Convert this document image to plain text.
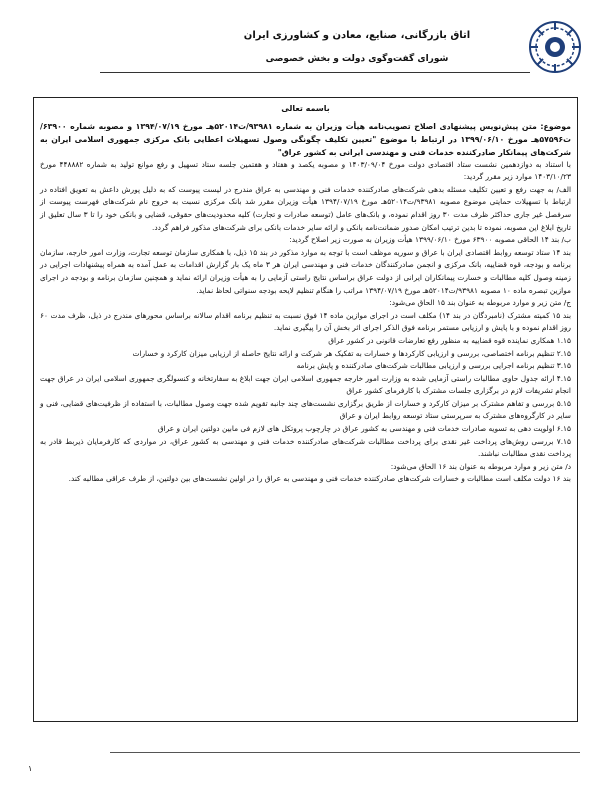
اتاق بازرگانی، صنایع، معادن و کشاورزی ایران
شورای گفت‌وگوی دولت و بخش خصوصی

باسمه تعالی

موضوع: متن پیش‌نویس پیشنهادی اصلاح تصویب‌نامه هیأت وزیران به شماره ۹۳۹۸۱/ت۵۲۰۱۴هـ مورخ ۱۳۹۴/۰۷/۱۹ و مصوبه شماره ۶۳۹۰۰/ت۵۷۵۹۶هـ مورخ ۱۳۹۹/۰۶/۱۰ در ارتباط با موضوع "تعیین تکلیف چگونگی وصول تسهیلات اعطایی بانک مرکزی جمهوری اسلامی ایران به شرکت‌های پیمانکار صادرکننده خدمات فنی و مهندسی ایرانی به کشور عراق"

با استناد به دوازدهمین نشست ستاد اقتصادی دولت مورخ ۱۴۰۳/۰۹/۰۴ و مصوبه یکصد و هفتاد و هفتمین جلسه ستاد تسهیل و رفع موانع تولید به شماره ۴۴۸۸۸۲ مورخ ۱۴۰۳/۱۰/۲۳ موارد زیر مقرر گردید:

الف/ به جهت رفع و تعیین تکلیف مسئله بدهی شرکت‌های صادرکننده خدمات فنی و مهندسی به عراق مندرج در لیست پیوست که به دلیل پورش داعش به تعویق افتاده در ارتباط با تسهیلات حمایتی موضوع مصوبه ۹۳۹۸۱/ت۵۲۰۱۴هـ مورخ ۱۳۹۴/۰۷/۱۹ هیأت وزیران مقرر شد بانک مرکزی نسبت به خروج نام شرکت‌های فهرست پیوست از سرفصل غیر جاری حداکثر ظرف مدت ۳۰ روز اقدام نموده، و بانک‌های عامل (توسعه صادرات و تجارت) کلیه محدودیت‌های حقوقی، قضایی و بانکی خود را تا ۳ سال تعلیق از تاریخ ابلاغ این مصوبه، نموده تا بدین ترتیب امکان صدور ضمانت‌نامه بانکی و ارائه سایر خدمات بانکی برای شرکت‌های مذکور فراهم گردد.

ب/ بند ۱۴ الحاقی مصوبه ۶۳۹۰۰ مورخ ۱۳۹۹/۰۶/۱۰ هیأت وزیران به صورت زیر اصلاح گردید:

بند ۱۴ ستاد توسعه روابط اقتصادی ایران با عراق و سوریه موظف است با توجه به موارد مذکور در بند ۱۵ ذیل، با همکاری سازمان توسعه تجارت، وزارت امور خارجه، سازمان برنامه و بودجه، قوه قضاییه، بانک مرکزی و انجمن صادرکنندگان خدمات فنی و مهندسی ایران هر ۳ ماه یک بار گزارش اقدامات به عمل آمده به همراه پیشنهادات اجرایی در زمینه وصول کلیه مطالبات و خسارت پیمانکاران ایرانی از دولت عراق براساس نتایج راستی آزمایی را به هیأت وزیران ارائه نماید و همچنین سازمان برنامه و بودجه در اجرای موازین تبصره ماده ۱۰ مصوبه ۹۳۹۸۱/ت۵۲۰۱۴هـ مورخ ۱۳۹۴/۰۷/۱۹ مراتب را هنگام تنظیم لایحه بودجه سنواتی لحاظ نماید.

ج/ متن زیر و موارد مربوطه به عنوان بند ۱۵ الحاق می‌شود:

بند ۱۵ کمیته مشترک (نامبردگان در بند ۱۴) مکلف است در اجرای موازین ماده ۱۴ فوق نسبت به تنظیم برنامه اقدام سالانه براساس محورهای مندرج در ذیل، ظرف مدت ۶۰ روز اقدام نموده و با پایش و ارزیابی مستمر برنامه فوق الذکر اجرای اثر بخش آن را پیگیری نماید.

۱.۱۵ همکاری نماینده قوه قضاییه به منظور رفع تعارضات قانونی در کشور عراق

۲.۱۵ تنظیم برنامه اختصاصی، بررسی و ارزیابی کارکردها و خسارات به تفکیک هر شرکت و ارائه نتایج حاصله از ارزیابی میزان کارکرد و خسارات

۳.۱۵ تنظیم برنامه اجرایی بررسی و ارزیابی مطالبات شرکت‌های صادرکننده و پایش برنامه

۴.۱۵ ارائه جدول حاوی مطالبات راستی آزمایی شده به وزارت امور خارجه جمهوری اسلامی ایران جهت ابلاغ به سفارتخانه و کنسولگری جمهوری اسلامی ایران در عراق جهت انجام تشریفات لازم در برگزاری جلسات مشترک با کارفرمای کشور عراق

۵.۱۵ بررسی و تفاهم مشترک بر میزان کارکرد و خسارات از طریق برگزاری نشست‌های چند جانبه تقویم شده جهت وصول مطالبات، با استفاده از ظرفیت‌های قضایی، فنی و سایر در کارگروه‌های مشترک به سرپرستی ستاد توسعه روابط ایران و عراق

۶.۱۵ اولویت دهی به تسویه صادرات خدمات فنی و مهندسی به کشور عراق در چارچوب پروتکل های لازم فی مابین دولتین ایران و عراق

۷.۱۵ بررسی روش‌های پرداخت غیر نقدی برای پرداخت مطالبات شرکت‌های صادرکننده خدمات فنی و مهندسی به کشور عراق، در مواردی که کارفرمایان ذیربط قادر به پرداخت نقدی مطالبات نباشند.

د/ متن زیر و موارد مربوطه به عنوان بند ۱۶ الحاق می‌شود:

بند ۱۶ دولت مکلف است مطالبات و خسارات شرکت‌های صادرکننده خدمات فنی و مهندسی به عراق را در اولین نشست‌های بین دولتین، از طرف عراقی مطالبه کند.

۱
